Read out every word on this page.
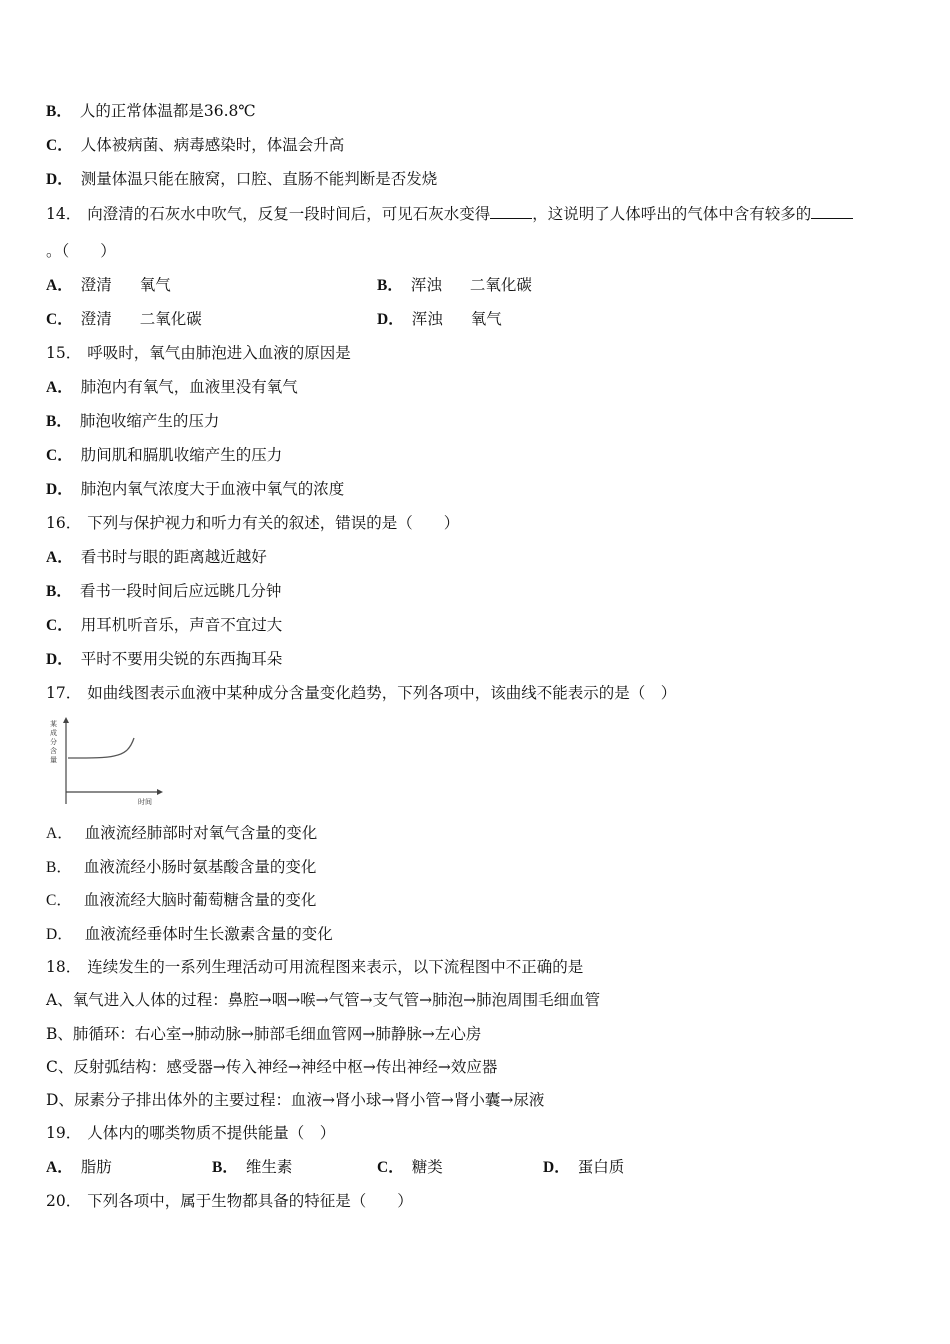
B． 人的正常体温都是36.8℃
C． 人体被病菌、病毒感染时，体温会升高
D． 测量体温只能在腋窝，口腔、直肠不能判断是否发烧
14． 向澄清的石灰水中吹气，反复一段时间后，可见石灰水变得	，这说明了人体呼出的气体中含有较多的
。（　　）
A． 澄清 氧气	B． 浑浊 二氧化碳
C． 澄清 二氧化碳	D． 浑浊 氧气
15． 呼吸时，氧气由肺泡进入血液的原因是
A． 肺泡内有氧气，血液里没有氧气
B． 肺泡收缩产生的压力
C． 肋间肌和膈肌收缩产生的压力
D． 肺泡内氧气浓度大于血液中氧气的浓度
16． 下列与保护视力和听力有关的叙述，错误的是（　　）
A． 看书时与眼的距离越近越好
B． 看书一段时间后应远眺几分钟
C． 用耳机听音乐，声音不宜过大
D． 平时不要用尖锐的东西掏耳朵
17． 如曲线图表示血液中某种成分含量变化趋势，下列各项中，该曲线不能表示的是（　）
某
成
分
含
量
时间
A． 血液流经肺部时对氧气含量的变化
B． 血液流经小肠时氨基酸含量的变化
C． 血液流经大脑时葡萄糖含量的变化
D． 血液流经垂体时生长激素含量的变化
18． 连续发生的一系列生理活动可用流程图来表示，以下流程图中不正确的是
A、氧气进入人体的过程：鼻腔→咽→喉→气管→支气管→肺泡→肺泡周围毛细血管
B、肺循环：右心室→肺动脉→肺部毛细血管网→肺静脉→左心房
C、反射弧结构：感受器→传入神经→神经中枢→传出神经→效应器
D、尿素分子排出体外的主要过程：血液→肾小球→肾小管→肾小囊→尿液
19． 人体内的哪类物质不提供能量（　）
A． 脂肪	B． 维生素	C． 糖类	D． 蛋白质
20． 下列各项中，属于生物都具备的特征是（　　）
